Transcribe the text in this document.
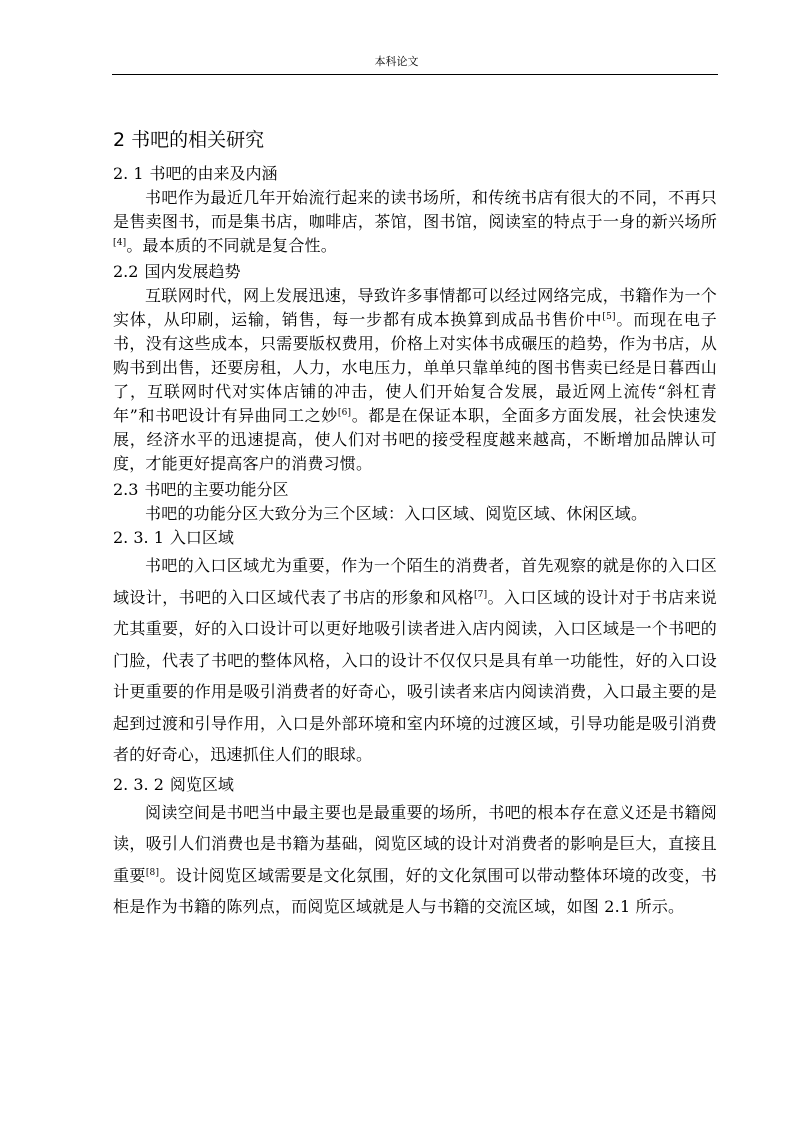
本科论文
2 书吧的相关研究
2. 1 书吧的由来及内涵

书吧作为最近几年开始流行起来的读书场所，和传统书店有很大的不同，不再只是售卖图书，而是集书店，咖啡店，茶馆，图书馆，阅读室的特点于一身的新兴场所[4]。最本质的不同就是复合性。

2.2 国内发展趋势

互联网时代，网上发展迅速，导致许多事情都可以经过网络完成，书籍作为一个实体，从印刷，运输，销售，每一步都有成本换算到成品书售价中[5]。而现在电子书，没有这些成本，只需要版权费用，价格上对实体书成碾压的趋势，作为书店，从购书到出售，还要房租，人力，水电压力，单单只靠单纯的图书售卖已经是日暮西山了，互联网时代对实体店铺的冲击，使人们开始复合发展，最近网上流传“斜杠青年”和书吧设计有异曲同工之妙[6]。都是在保证本职，全面多方面发展，社会快速发展，经济水平的迅速提高，使人们对书吧的接受程度越来越高，不断增加品牌认可度，才能更好提高客户的消费习惯。

2.3 书吧的主要功能分区

书吧的功能分区大致分为三个区域：入口区域、阅览区域、休闲区域。

2. 3. 1 入口区域

书吧的入口区域尤为重要，作为一个陌生的消费者，首先观察的就是你的入口区域设计，书吧的入口区域代表了书店的形象和风格[7]。入口区域的设计对于书店来说尤其重要，好的入口设计可以更好地吸引读者进入店内阅读，入口区域是一个书吧的门脸，代表了书吧的整体风格，入口的设计不仅仅只是具有单一功能性，好的入口设计更重要的作用是吸引消费者的好奇心，吸引读者来店内阅读消费，入口最主要的是起到过渡和引导作用，入口是外部环境和室内环境的过渡区域，引导功能是吸引消费者的好奇心，迅速抓住人们的眼球。

2. 3. 2 阅览区域

阅读空间是书吧当中最主要也是最重要的场所，书吧的根本存在意义还是书籍阅读，吸引人们消费也是书籍为基础，阅览区域的设计对消费者的影响是巨大，直接且重要[8]。设计阅览区域需要是文化氛围，好的文化氛围可以带动整体环境的改变，书柜是作为书籍的陈列点，而阅览区域就是人与书籍的交流区域，如图 2.1 所示。
